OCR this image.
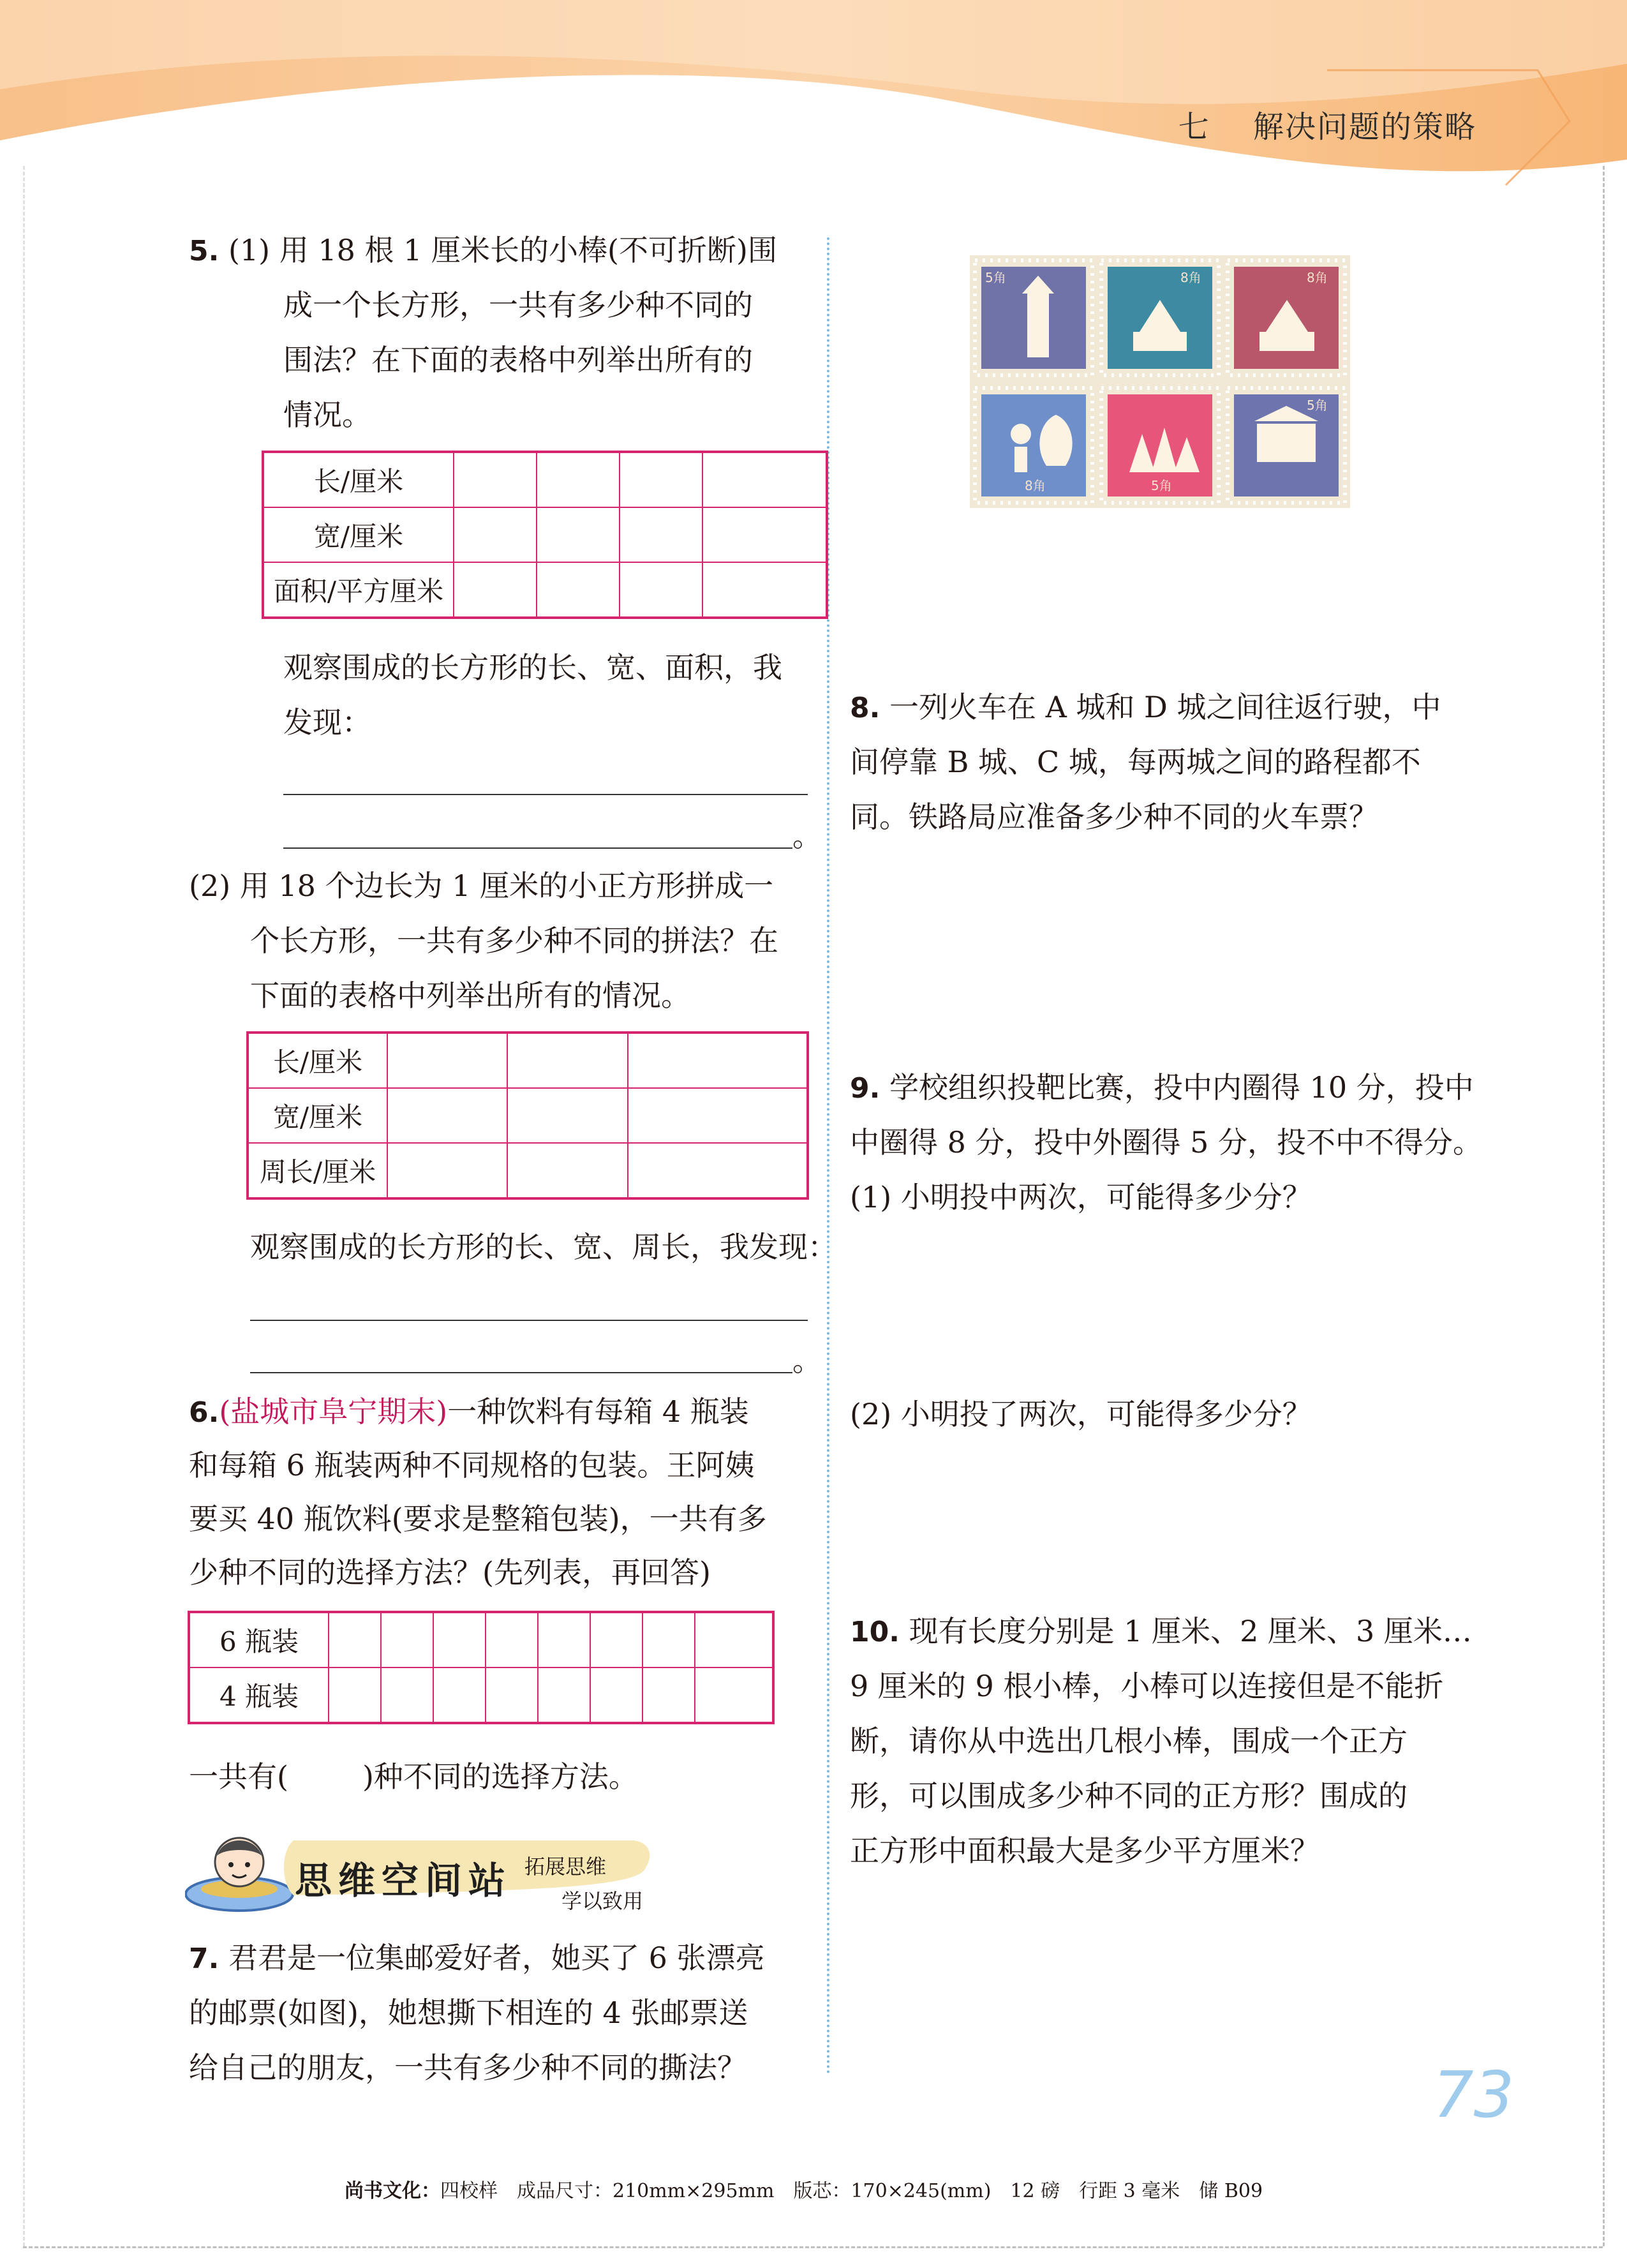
七　 解决问题的策略
5. (1) 用 18 根 1 厘米长的小棒(不可折断)围
成一个长方形，一共有多少种不同的
围法？在下面的表格中列举出所有的
情况。
长/厘米				
宽/厘米				
面积/平方厘米				
观察围成的长方形的长、宽、面积，我
发现：
。
(2) 用 18 个边长为 1 厘米的小正方形拼成一
个长方形，一共有多少种不同的拼法？在
下面的表格中列举出所有的情况。
长/厘米			
宽/厘米			
周长/厘米			
观察围成的长方形的长、宽、周长，我发现：
。
6.(盐城市阜宁期末)一种饮料有每箱 4 瓶装
和每箱 6 瓶装两种不同规格的包装。王阿姨
要买 40 瓶饮料(要求是整箱包装)，一共有多
少种不同的选择方法？(先列表，再回答)
6 瓶装								
4 瓶装								
一共有(	)种不同的选择方法。
思维空间站 拓展思维
学以致用
7. 君君是一位集邮爱好者，她买了 6 张漂亮
的邮票(如图)，她想撕下相连的 4 张邮票送
给自己的朋友，一共有多少种不同的撕法？
5角	8角	8角
8角	5角
5角
8. 一列火车在 A 城和 D 城之间往返行驶，中
间停靠 B 城、C 城，每两城之间的路程都不
同。铁路局应准备多少种不同的火车票？
9. 学校组织投靶比赛，投中内圈得 10 分，投中
中圈得 8 分，投中外圈得 5 分，投不中不得分。
(1) 小明投中两次，可能得多少分？
(2) 小明投了两次，可能得多少分？
10. 现有长度分别是 1 厘米、2 厘米、3 厘米…
9 厘米的 9 根小棒，小棒可以连接但是不能折
断，请你从中选出几根小棒，围成一个正方
形，可以围成多少种不同的正方形？围成的
正方形中面积最大是多少平方厘米？
73
尚书文化：四校样　成品尺寸：210mm×295mm　版芯：170×245(mm)　12 磅　行距 3 毫米　储 B09
